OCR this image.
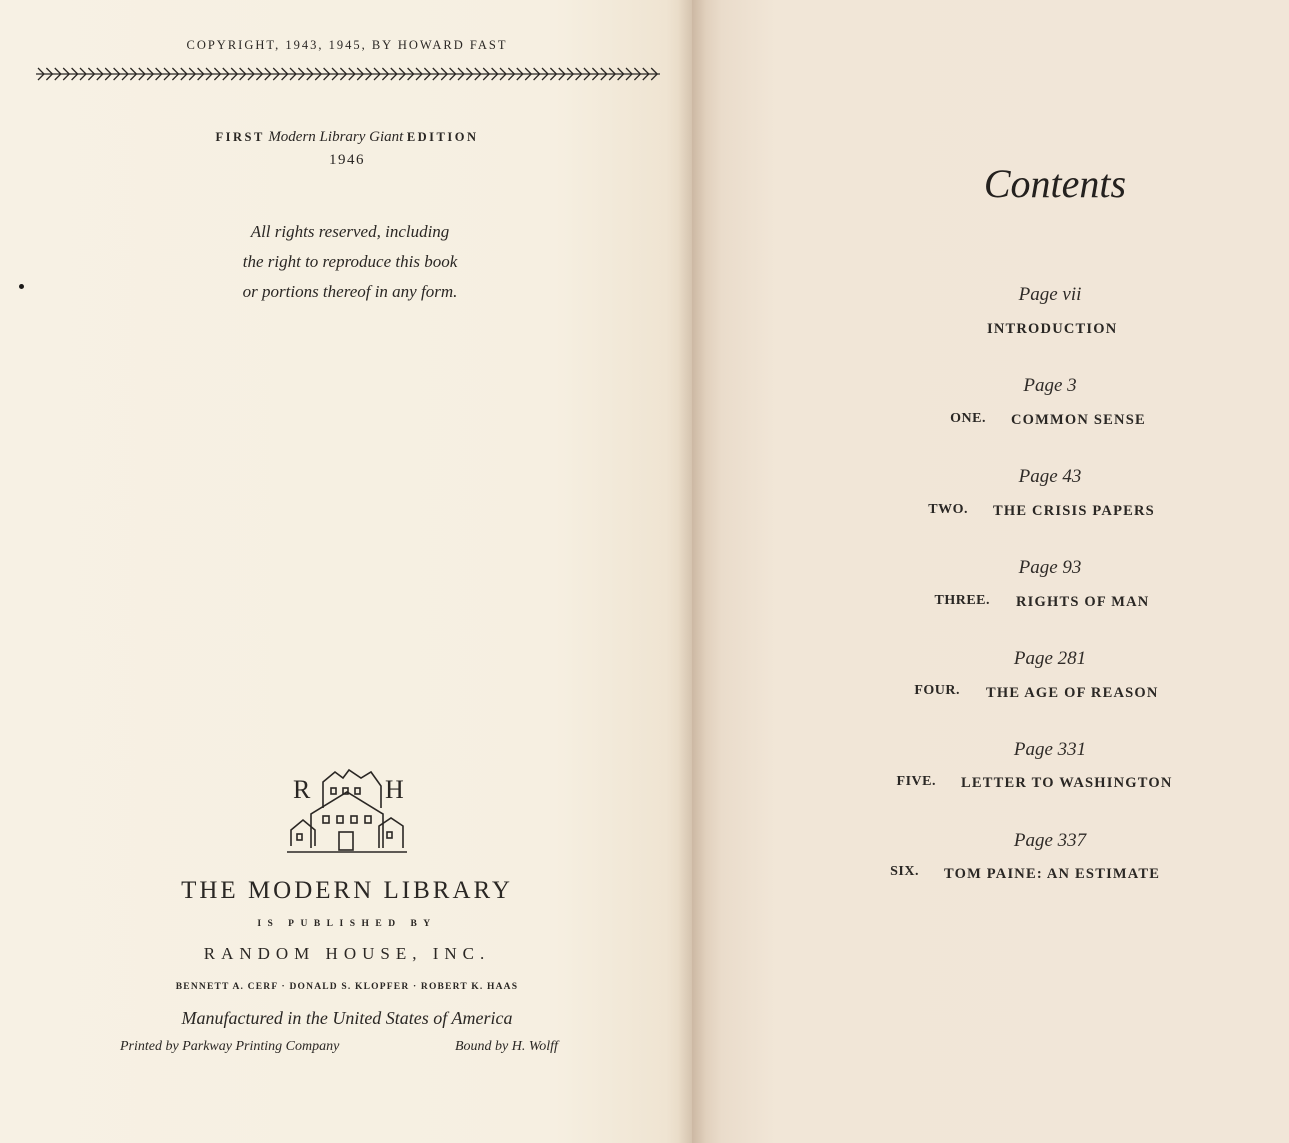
COPYRIGHT, 1943, 1945, BY HOWARD FAST
FIRST Modern Library Giant EDITION
1946
All rights reserved, including
the right to reproduce this book
or portions thereof in any form.
R	H
THE MODERN LIBRARY
IS PUBLISHED BY
RANDOM HOUSE, INC.
BENNETT A. CERF · DONALD S. KLOPFER · ROBERT K. HAAS
Manufactured in the United States of America
Printed by Parkway Printing Company	Bound by H. Wolff
Contents
Page vii
INTRODUCTION
Page 3
ONE. COMMON SENSE
Page 43
TWO. THE CRISIS PAPERS
Page 93
THREE. RIGHTS OF MAN
Page 281
FOUR. THE AGE OF REASON
Page 331
FIVE. LETTER TO WASHINGTON
Page 337
SIX. TOM PAINE: AN ESTIMATE
